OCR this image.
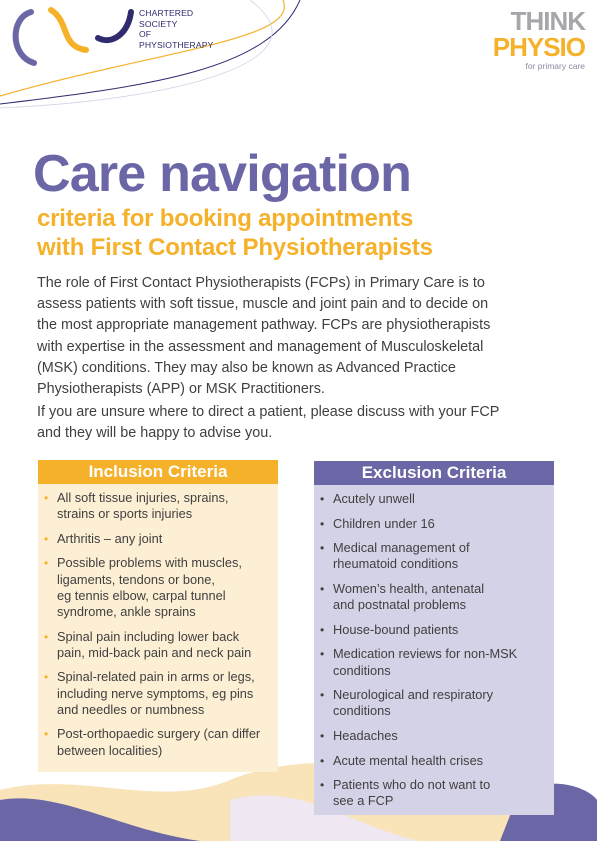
CHARTERED
SOCIETY
OF
PHYSIOTHERAPY
THINK
PHYSIO
for primary care
Care navigation
criteria for booking appointments
with First Contact Physiotherapists
The role of First Contact Physiotherapists (FCPs) in Primary Care is to
assess patients with soft tissue, muscle and joint pain and to decide on
the most appropriate management pathway. FCPs are physiotherapists
with expertise in the assessment and management of Musculoskeletal
(MSK) conditions. They may also be known as Advanced Practice
Physiotherapists (APP) or MSK Practitioners.
If you are unsure where to direct a patient, please discuss with your FCP
and they will be happy to advise you.
Inclusion Criteria
• All soft tissue injuries, sprains,
strains or sports injuries
• Arthritis – any joint
• Possible problems with muscles,
ligaments, tendons or bone,
eg tennis elbow, carpal tunnel
syndrome, ankle sprains
• Spinal pain including lower back
pain, mid-back pain and neck pain
• Spinal-related pain in arms or legs,
including nerve symptoms, eg pins
and needles or numbness
• Post-orthopaedic surgery (can differ
between localities)
Exclusion Criteria
• Acutely unwell
• Children under 16
• Medical management of
rheumatoid conditions
• Women’s health, antenatal
and postnatal problems
• House-bound patients
• Medication reviews for non-MSK
conditions
• Neurological and respiratory
conditions
• Headaches
• Acute mental health crises
• Patients who do not want to
see a FCP
